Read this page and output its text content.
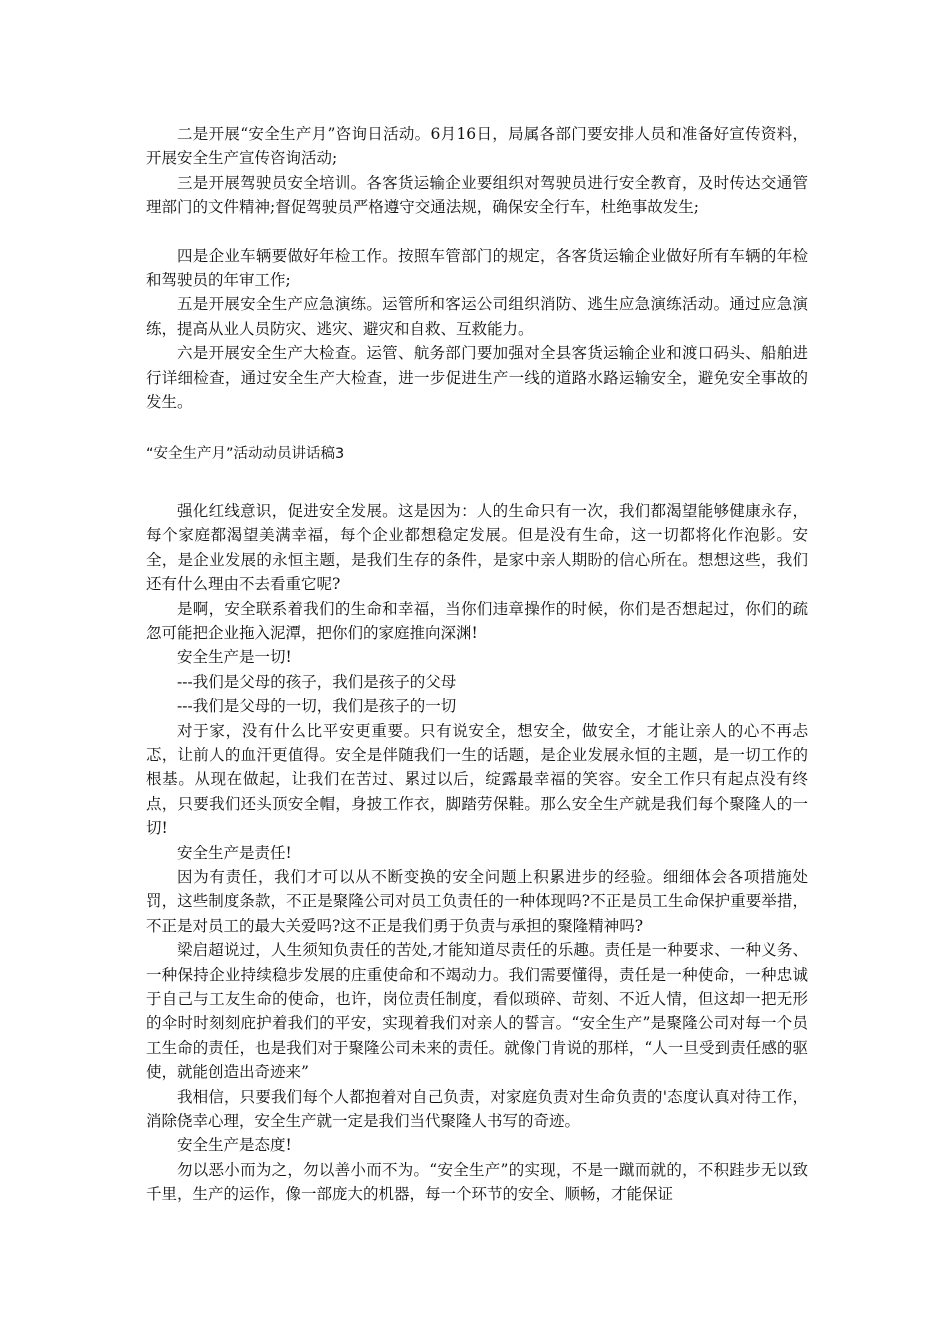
二是开展“安全生产月”咨询日活动。6月16日，局属各部门要安排人员和准备好宣传资料，开展安全生产宣传咨询活动;

三是开展驾驶员安全培训。各客货运输企业要组织对驾驶员进行安全教育，及时传达交通管理部门的文件精神;督促驾驶员严格遵守交通法规，确保安全行车，杜绝事故发生;

四是企业车辆要做好年检工作。按照车管部门的规定，各客货运输企业做好所有车辆的年检和驾驶员的年审工作;

五是开展安全生产应急演练。运管所和客运公司组织消防、逃生应急演练活动。通过应急演练，提高从业人员防灾、逃灾、避灾和自救、互救能力。

六是开展安全生产大检查。运管、航务部门要加强对全县客货运输企业和渡口码头、船舶进行详细检查，通过安全生产大检查，进一步促进生产一线的道路水路运输安全，避免安全事故的发生。

“安全生产月”活动动员讲话稿3

强化红线意识，促进安全发展。这是因为：人的生命只有一次，我们都渴望能够健康永存，每个家庭都渴望美满幸福，每个企业都想稳定发展。但是没有生命，这一切都将化作泡影。安全，是企业发展的永恒主题，是我们生存的条件，是家中亲人期盼的信心所在。想想这些，我们还有什么理由不去看重它呢?

是啊，安全联系着我们的生命和幸福，当你们违章操作的时候，你们是否想起过，你们的疏忽可能把企业拖入泥潭，把你们的家庭推向深渊!

安全生产是一切!

---我们是父母的孩子，我们是孩子的父母

---我们是父母的一切，我们是孩子的一切

对于家，没有什么比平安更重要。只有说安全，想安全，做安全，才能让亲人的心不再忐忑，让前人的血汗更值得。安全是伴随我们一生的话题，是企业发展永恒的主题，是一切工作的根基。从现在做起，让我们在苦过、累过以后，绽露最幸福的笑容。安全工作只有起点没有终点，只要我们还头顶安全帽，身披工作衣，脚踏劳保鞋。那么安全生产就是我们每个聚隆人的一切!

安全生产是责任!

因为有责任，我们才可以从不断变换的安全问题上积累进步的经验。细细体会各项措施处罚，这些制度条款，不正是聚隆公司对员工负责任的一种体现吗?不正是员工生命保护重要举措，不正是对员工的最大关爱吗?这不正是我们勇于负责与承担的聚隆精神吗?

梁启超说过，人生须知负责任的苦处,才能知道尽责任的乐趣。责任是一种要求、一种义务、一种保持企业持续稳步发展的庄重使命和不竭动力。我们需要懂得，责任是一种使命，一种忠诚于自己与工友生命的使命，也许，岗位责任制度，看似琐碎、苛刻、不近人情，但这却一把无形的伞时时刻刻庇护着我们的平安，实现着我们对亲人的誓言。“安全生产”是聚隆公司对每一个员工生命的责任，也是我们对于聚隆公司未来的责任。就像门肯说的那样，“人一旦受到责任感的驱使，就能创造出奇迹来”

我相信，只要我们每个人都抱着对自己负责，对家庭负责对生命负责的'态度认真对待工作，消除侥幸心理，安全生产就一定是我们当代聚隆人书写的奇迹。

安全生产是态度!

勿以恶小而为之，勿以善小而不为。“安全生产”的实现，不是一蹴而就的，不积跬步无以致千里，生产的运作，像一部庞大的机器，每一个环节的安全、顺畅，才能保证
